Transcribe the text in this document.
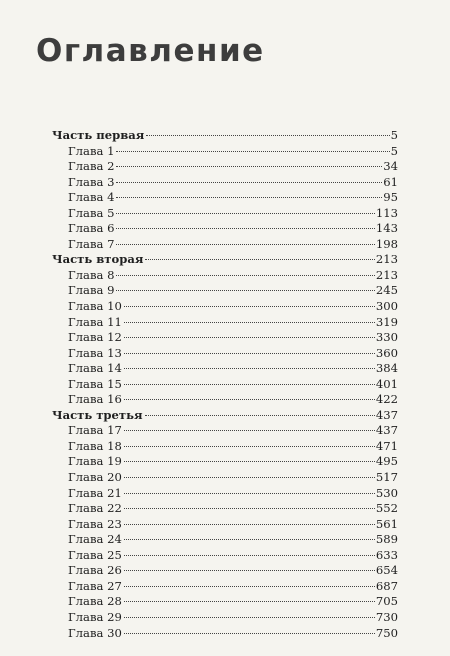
Оглавление
Часть первая	5
Глава 1	5
Глава 2	34
Глава 3	61
Глава 4	95
Глава 5	113
Глава 6	143
Глава 7	198
Часть вторая	213
Глава 8	213
Глава 9	245
Глава 10	300
Глава 11	319
Глава 12	330
Глава 13	360
Глава 14	384
Глава 15	401
Глава 16	422
Часть третья	437
Глава 17	437
Глава 18	471
Глава 19	495
Глава 20	517
Глава 21	530
Глава 22	552
Глава 23	561
Глава 24	589
Глава 25	633
Глава 26	654
Глава 27	687
Глава 28	705
Глава 29	730
Глава 30	750
